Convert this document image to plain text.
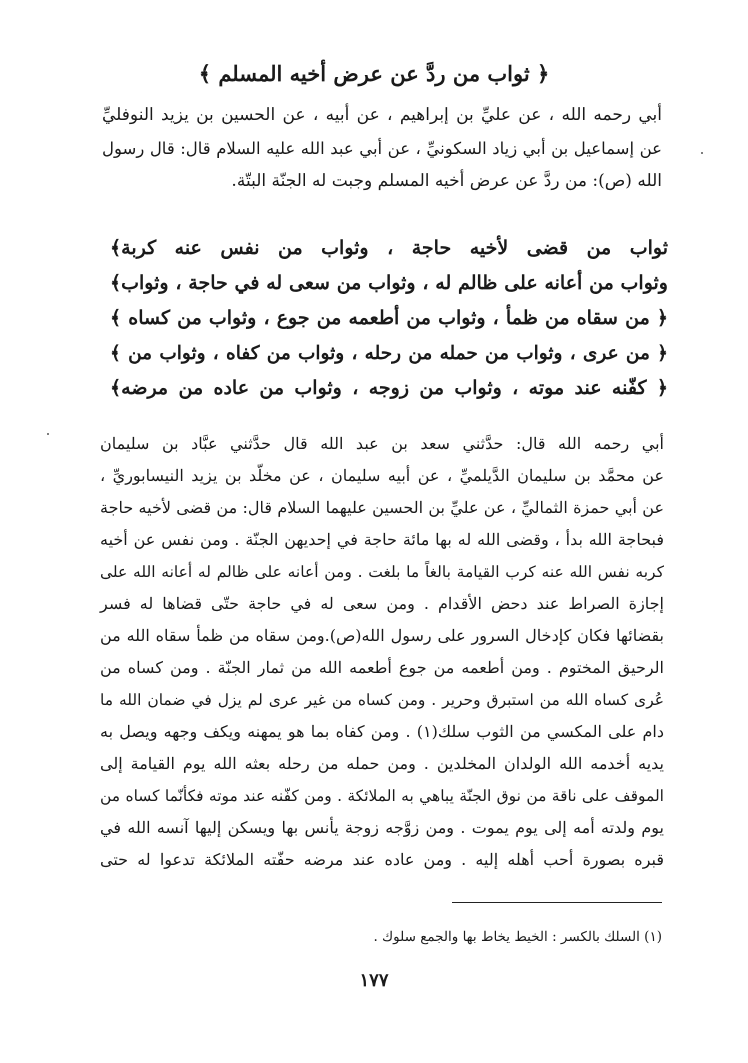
﴿ ثواب من ردَّ عن عرض أخيه المسلم ﴾
أبي رحمه الله ، عن عليِّ بن إبراهيم ، عن أبيه ، عن الحسين بن يزيد النوفليِّ
عن إسماعيل بن أبي زياد السكونيِّ ، عن أبي عبد الله عليه السلام قال: قال رسول
الله (ص): من ردَّ عن عرض أخيه المسلم وجبت له الجنّة البتّة.
ثواب من قضى لأخيه حاجة ، وثواب من نفس عنه كربة﴾
وثواب من أعانه على ظالم له ، وثواب من سعى له في حاجة ، وثواب﴾
﴿ من سقاه من ظمأ ، وثواب من أطعمه من جوع ، وثواب من كساه ﴾
﴿ من عرى ، وثواب من حمله من رحله ، وثواب من كفاه ، وثواب من ﴾
﴿ كفّنه عند موته ، وثواب من زوجه ، وثواب من عاده من مرضه﴾
أبي رحمه الله قال: حدَّثني سعد بن عبد الله قال حدَّثني عبَّاد بن سليمان
عن محمَّد بن سليمان الدَّيلميِّ ، عن أبيه سليمان ، عن مخلّد بن يزيد النيسابوريِّ ،
عن أبي حمزة الثماليِّ ، عن عليِّ بن الحسين عليهما السلام قال: من قضى لأخيه حاجة
فبحاجة الله بدأ ، وقضى الله له بها مائة حاجة في إحديهن الجنّة . ومن نفس عن أخيه
كربه نفس الله عنه كرب القيامة بالغاً ما بلغت . ومن أعانه على ظالم له أعانه الله على
إجازة الصراط عند دحض الأقدام . ومن سعى له في حاجة حتّى قضاها له فسر
بقضائها فكان كإدخال السرور على رسول الله(ص).ومن سقاه من ظمأ سقاه الله من
الرحيق المختوم . ومن أطعمه من جوع أطعمه الله من ثمار الجنّة . ومن كساه من
عُرى كساه الله من استبرق وحرير . ومن كساه من غير عرى لم يزل في ضمان الله ما
دام على المكسي من الثوب سلك(١) . ومن كفاه بما هو يمهنه ويكف وجهه ويصل به
يديه أخدمه الله الولدان المخلدين . ومن حمله من رحله بعثه الله يوم القيامة إلى
الموقف على ناقة من نوق الجنّة يباهي به الملائكة . ومن كفّنه عند موته فكأنّما كساه من
يوم ولدته أمه إلى يوم يموت . ومن زوَّجه زوجة يأنس بها ويسكن إليها آنسه الله في
قبره بصورة أحب أهله إليه . ومن عاده عند مرضه حفّته الملائكة تدعوا له حتى
(١) السلك بالكسر : الخيط يخاط بها والجمع سلوك .
١٧٧
